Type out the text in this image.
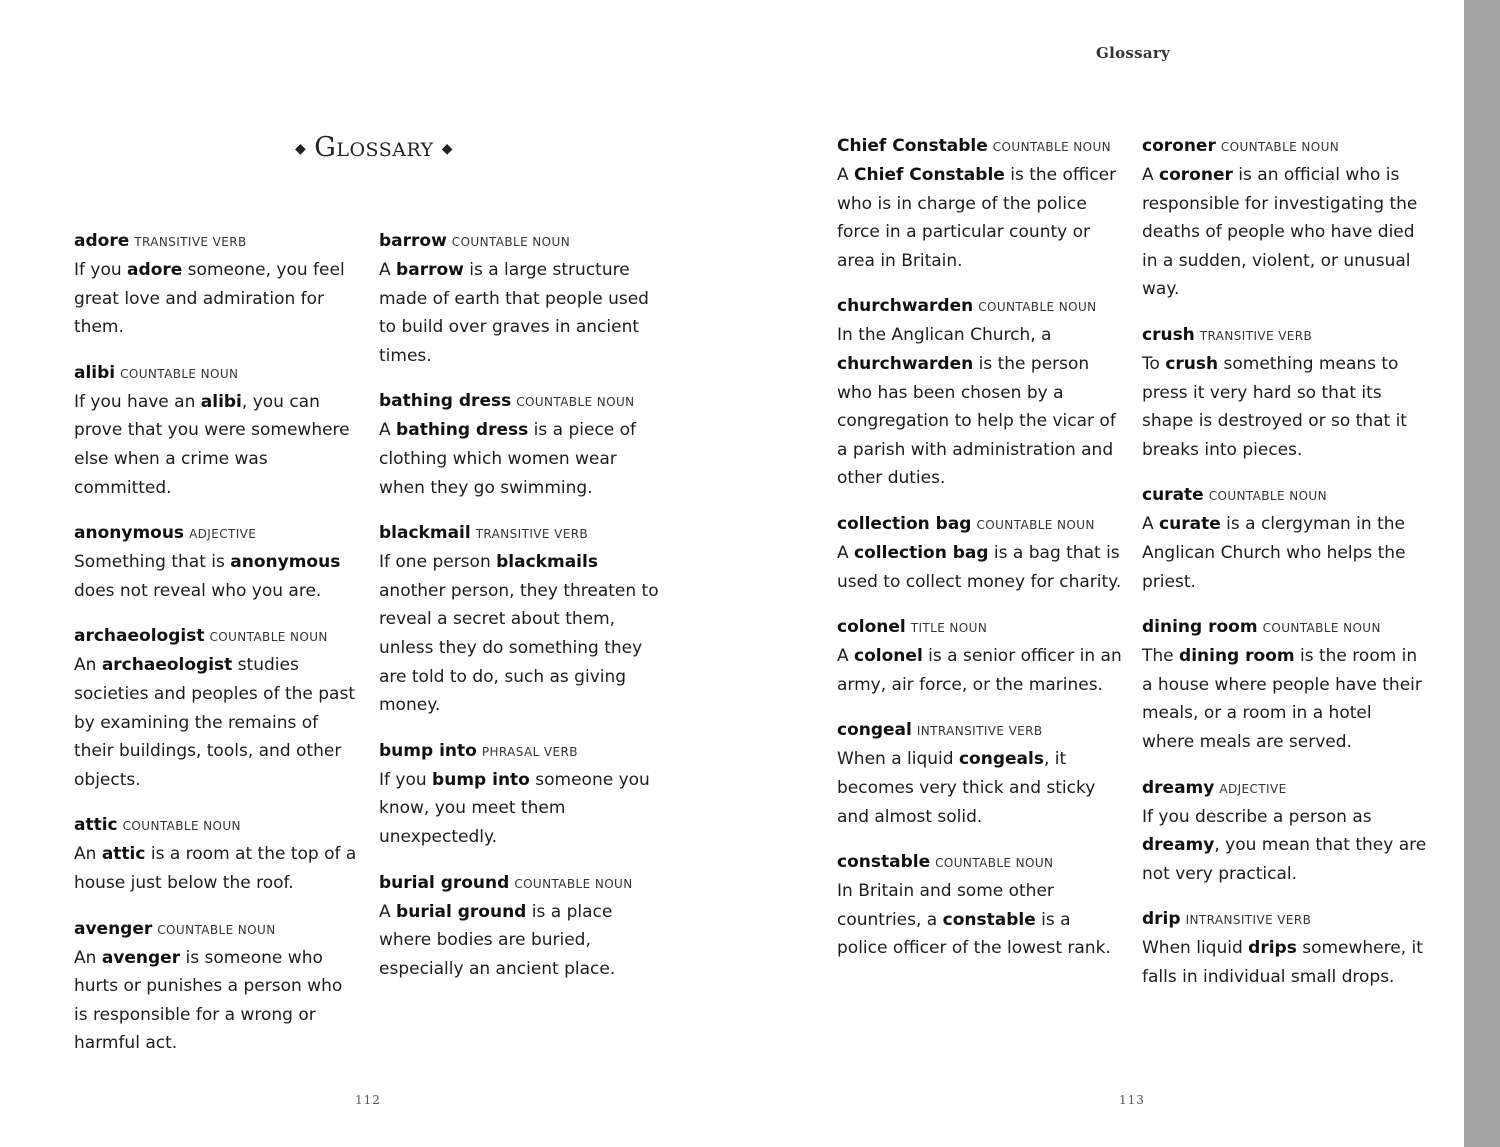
◆ Glossary ◆
112	113
Glossary
adore TRANSITIVE VERB
If you adore someone, you feel great love and admiration for them.
alibi COUNTABLE NOUN
If you have an alibi, you can prove that you were somewhere else when a crime was committed.
anonymous ADJECTIVE
Something that is anonymous does not reveal who you are.
archaeologist COUNTABLE NOUN
An archaeologist studies societies and peoples of the past by examining the remains of their buildings, tools, and other objects.
attic COUNTABLE NOUN
An attic is a room at the top of a house just below the roof.
avenger COUNTABLE NOUN
An avenger is someone who hurts or punishes a person who is responsible for a wrong or harmful act.
barrow COUNTABLE NOUN
A barrow is a large structure made of earth that people used to build over graves in ancient times.
bathing dress COUNTABLE NOUN
A bathing dress is a piece of clothing which women wear when they go swimming.
blackmail TRANSITIVE VERB
If one person blackmails another person, they threaten to reveal a secret about them, unless they do something they are told to do, such as giving money.
bump into PHRASAL VERB
If you bump into someone you know, you meet them unexpectedly.
burial ground COUNTABLE NOUN
A burial ground is a place where bodies are buried, especially an ancient place.
Chief Constable COUNTABLE NOUN
A Chief Constable is the officer who is in charge of the police force in a particular county or area in Britain.
churchwarden COUNTABLE NOUN
In the Anglican Church, a churchwarden is the person who has been chosen by a congregation to help the vicar of a parish with administration and other duties.
collection bag COUNTABLE NOUN
A collection bag is a bag that is used to collect money for charity.
colonel TITLE NOUN
A colonel is a senior officer in an army, air force, or the marines.
congeal INTRANSITIVE VERB
When a liquid congeals, it becomes very thick and sticky and almost solid.
constable COUNTABLE NOUN
In Britain and some other countries, a constable is a police officer of the lowest rank.
coroner COUNTABLE NOUN
A coroner is an official who is responsible for investigating the deaths of people who have died in a sudden, violent, or unusual way.
crush TRANSITIVE VERB
To crush something means to press it very hard so that its shape is destroyed or so that it breaks into pieces.
curate COUNTABLE NOUN
A curate is a clergyman in the Anglican Church who helps the priest.
dining room COUNTABLE NOUN
The dining room is the room in a house where people have their meals, or a room in a hotel where meals are served.
dreamy ADJECTIVE
If you describe a person as dreamy, you mean that they are not very practical.
drip INTRANSITIVE VERB
When liquid drips somewhere, it falls in individual small drops.
